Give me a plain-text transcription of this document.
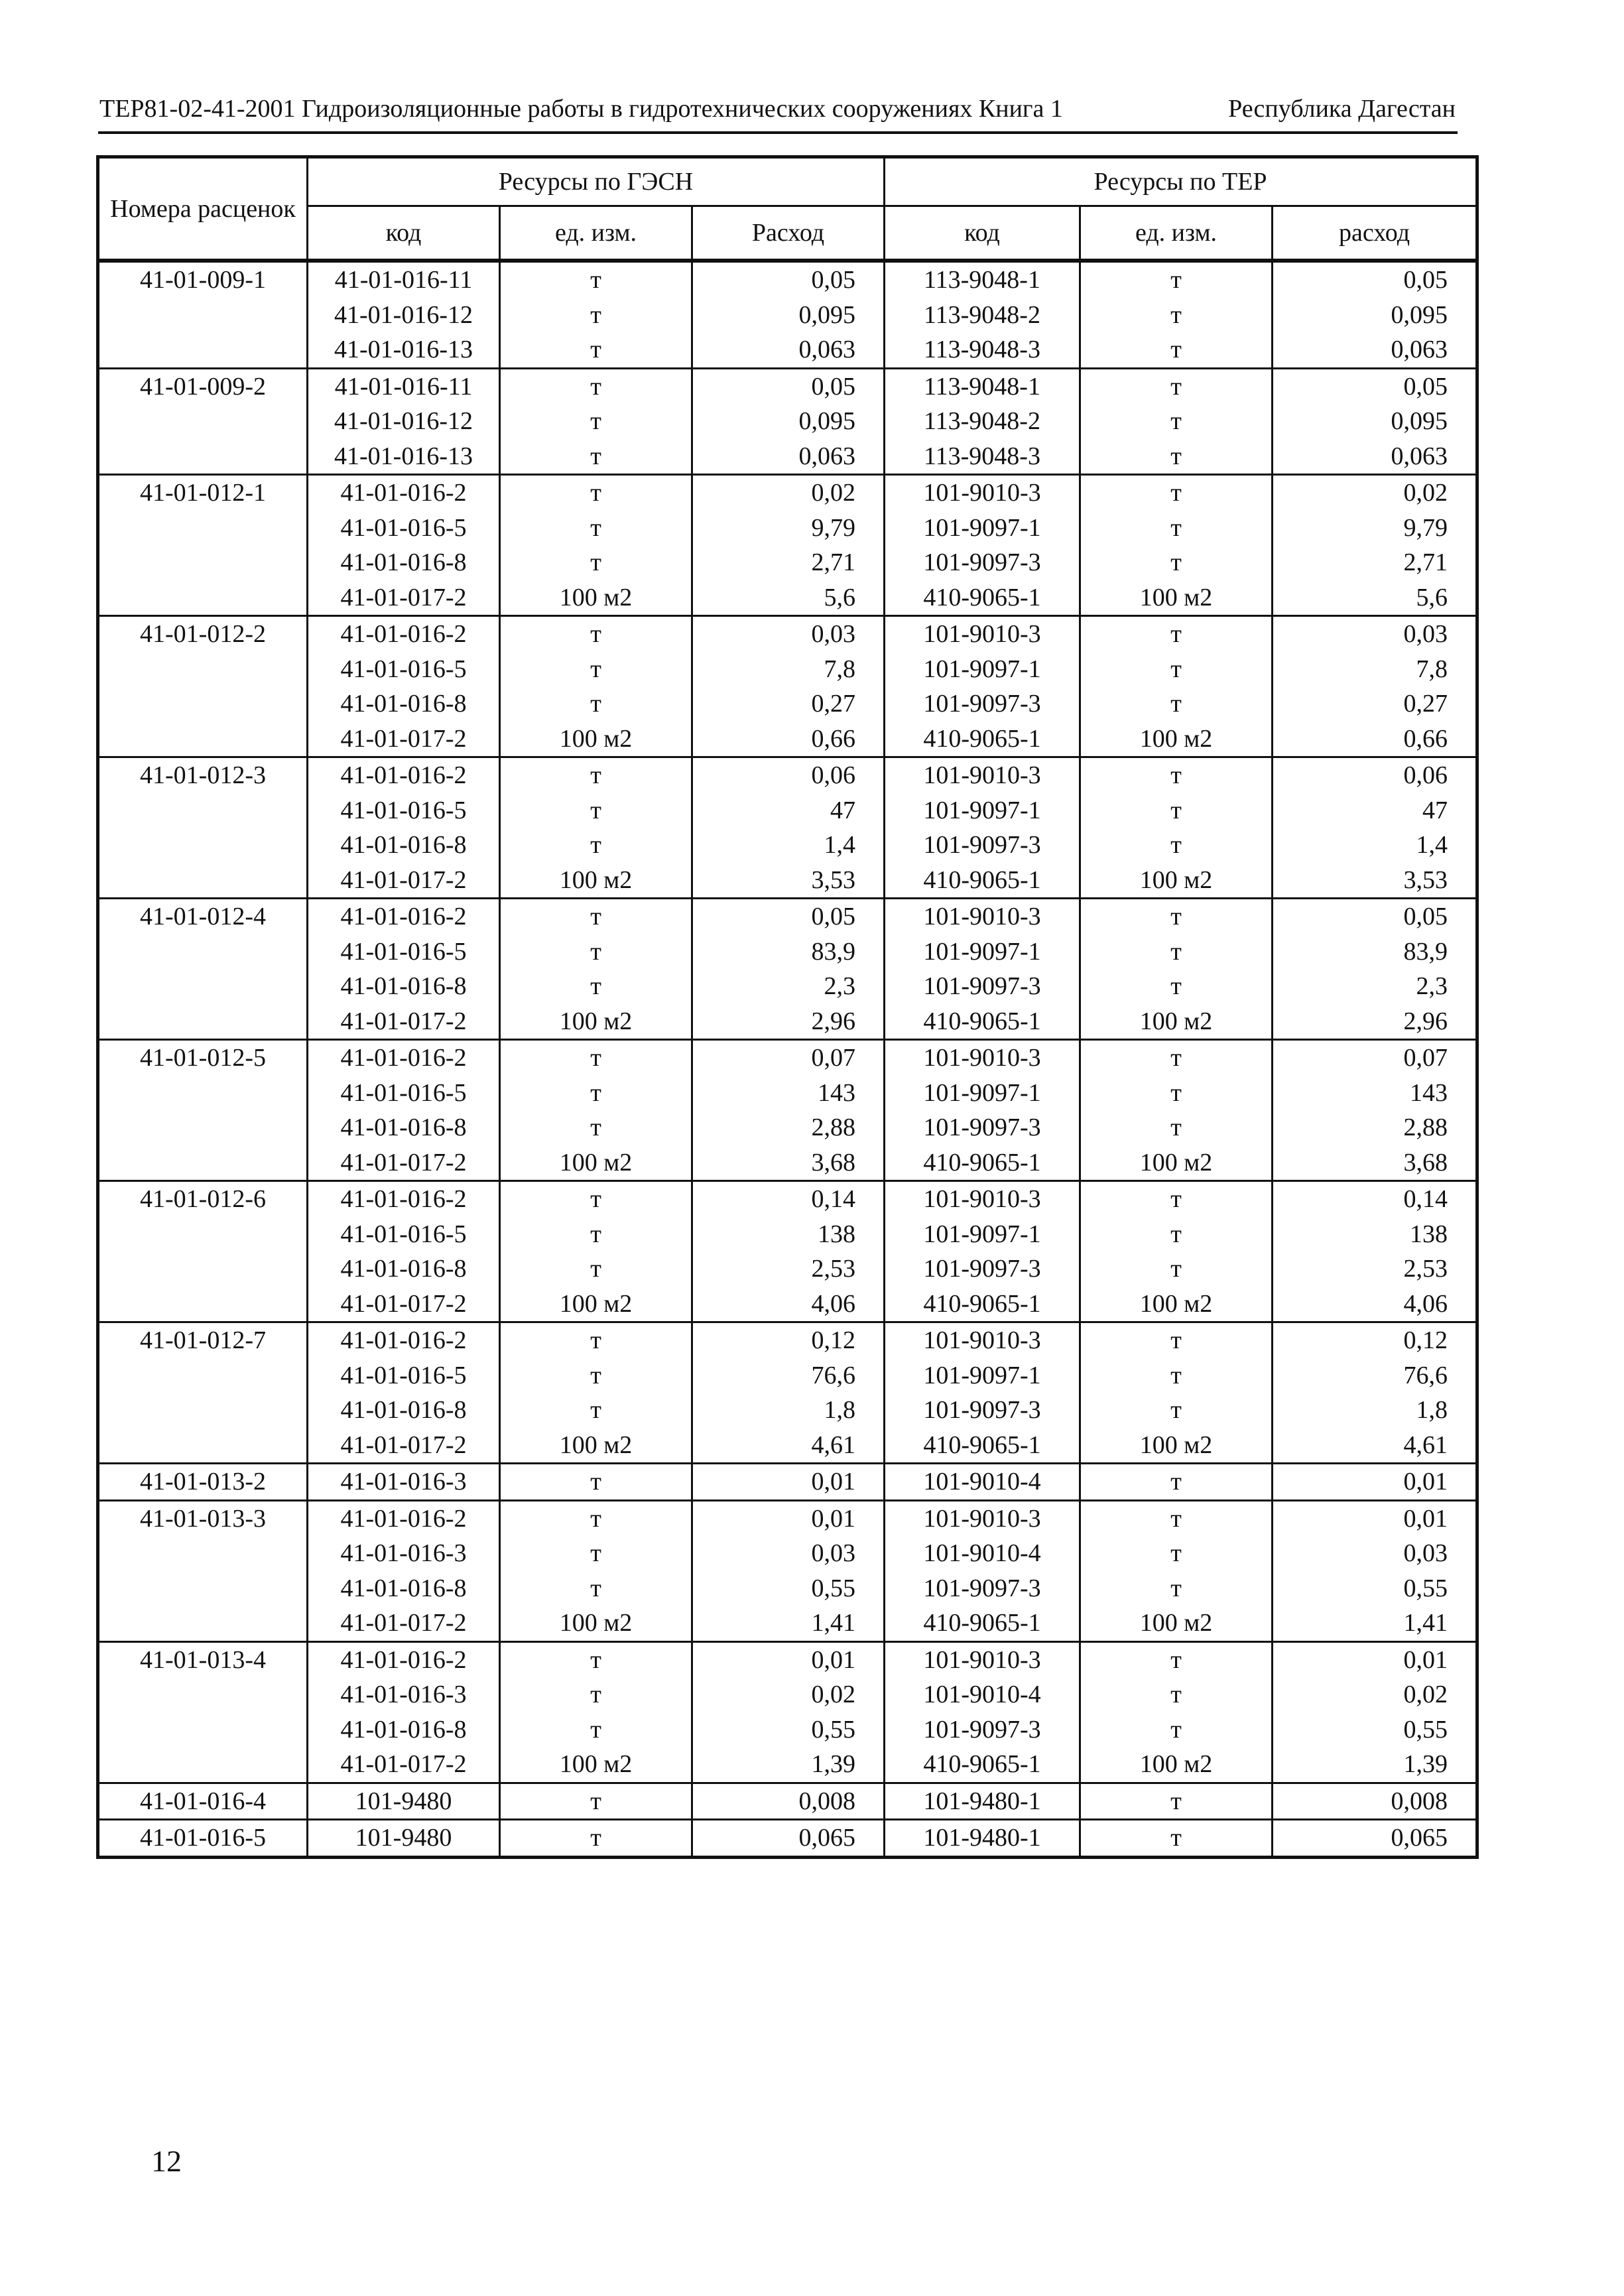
ТЕР81-02-41-2001 Гидроизоляционные работы в гидротехнических сооружениях Книга 1	Республика Дагестан
Номера расценок	Ресурсы по ГЭСН			Ресурсы по ТЕР		
	код	ед. изм.	Расход	код	ед. изм.	расход
41-01-009-1	41-01-016-11	т	0,05	113-9048-1	т	0,05
	41-01-016-12	т	0,095	113-9048-2	т	0,095
	41-01-016-13	т	0,063	113-9048-3	т	0,063
41-01-009-2	41-01-016-11	т	0,05	113-9048-1	т	0,05
	41-01-016-12	т	0,095	113-9048-2	т	0,095
	41-01-016-13	т	0,063	113-9048-3	т	0,063
41-01-012-1	41-01-016-2	т	0,02	101-9010-3	т	0,02
	41-01-016-5	т	9,79	101-9097-1	т	9,79
	41-01-016-8	т	2,71	101-9097-3	т	2,71
	41-01-017-2	100 м2	5,6	410-9065-1	100 м2	5,6
41-01-012-2	41-01-016-2	т	0,03	101-9010-3	т	0,03
	41-01-016-5	т	7,8	101-9097-1	т	7,8
	41-01-016-8	т	0,27	101-9097-3	т	0,27
	41-01-017-2	100 м2	0,66	410-9065-1	100 м2	0,66
41-01-012-3	41-01-016-2	т	0,06	101-9010-3	т	0,06
	41-01-016-5	т	47	101-9097-1	т	47
	41-01-016-8	т	1,4	101-9097-3	т	1,4
	41-01-017-2	100 м2	3,53	410-9065-1	100 м2	3,53
41-01-012-4	41-01-016-2	т	0,05	101-9010-3	т	0,05
	41-01-016-5	т	83,9	101-9097-1	т	83,9
	41-01-016-8	т	2,3	101-9097-3	т	2,3
	41-01-017-2	100 м2	2,96	410-9065-1	100 м2	2,96
41-01-012-5	41-01-016-2	т	0,07	101-9010-3	т	0,07
	41-01-016-5	т	143	101-9097-1	т	143
	41-01-016-8	т	2,88	101-9097-3	т	2,88
	41-01-017-2	100 м2	3,68	410-9065-1	100 м2	3,68
41-01-012-6	41-01-016-2	т	0,14	101-9010-3	т	0,14
	41-01-016-5	т	138	101-9097-1	т	138
	41-01-016-8	т	2,53	101-9097-3	т	2,53
	41-01-017-2	100 м2	4,06	410-9065-1	100 м2	4,06
41-01-012-7	41-01-016-2	т	0,12	101-9010-3	т	0,12
	41-01-016-5	т	76,6	101-9097-1	т	76,6
	41-01-016-8	т	1,8	101-9097-3	т	1,8
	41-01-017-2	100 м2	4,61	410-9065-1	100 м2	4,61
41-01-013-2	41-01-016-3	т	0,01	101-9010-4	т	0,01
41-01-013-3	41-01-016-2	т	0,01	101-9010-3	т	0,01
	41-01-016-3	т	0,03	101-9010-4	т	0,03
	41-01-016-8	т	0,55	101-9097-3	т	0,55
	41-01-017-2	100 м2	1,41	410-9065-1	100 м2	1,41
41-01-013-4	41-01-016-2	т	0,01	101-9010-3	т	0,01
	41-01-016-3	т	0,02	101-9010-4	т	0,02
	41-01-016-8	т	0,55	101-9097-3	т	0,55
	41-01-017-2	100 м2	1,39	410-9065-1	100 м2	1,39
41-01-016-4	101-9480	т	0,008	101-9480-1	т	0,008
41-01-016-5	101-9480	т	0,065	101-9480-1	т	0,065
12
